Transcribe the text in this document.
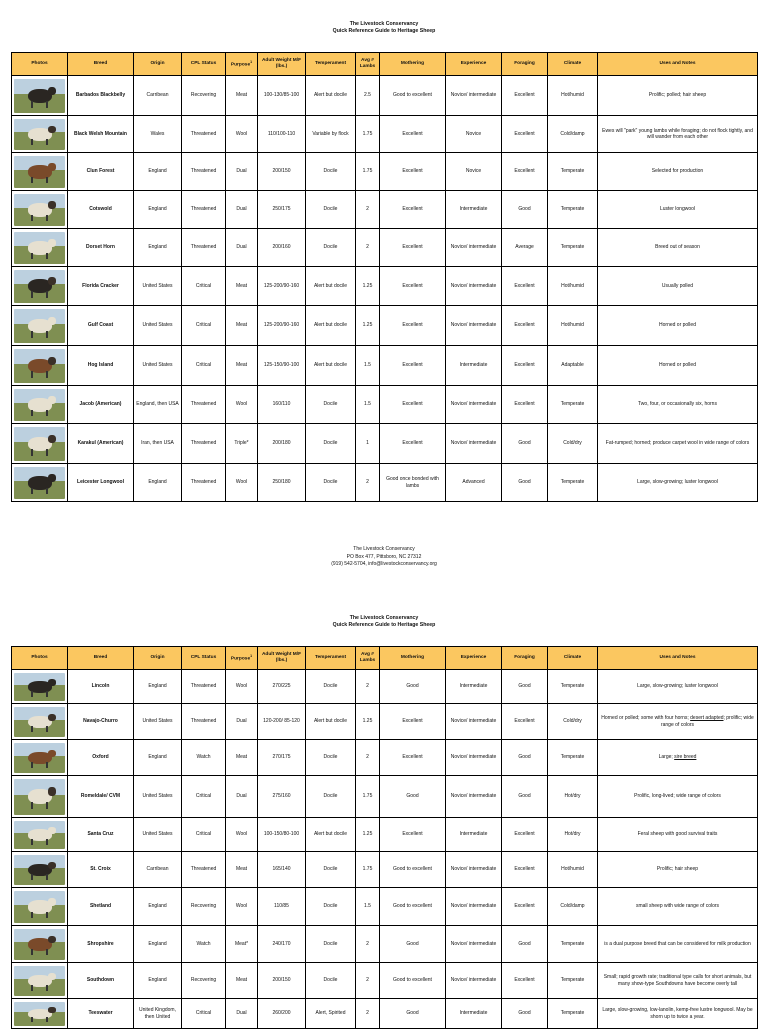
The Livestock Conservancy
Quick Reference Guide to Heritage Sheep
Photos	Breed	Origin	CPL Status	Purpose$^1$	Adult Weight M/F (lbs.)	Temperament	Avg # Lambs	Mothering	Experience	Foraging	Climate	Uses and Notes

	Barbados Blackbelly	Carribean	Recovering	Meat	100-130/85-100	Alert but docile	2.5	Good to excellent	Novice/ intermediate	Excellent	Hot/humid	Prolific; polled; hair sheep

	Black Welsh Mountain	Wales	Threatened	Wool	110/100-110	Variable by flock	1.75	Excellent	Novice	Excellent	Cold/damp	Ewes will "park" young lambs while foraging; do not flock tightly, and will wander from each other

	Clun Forest	England	Threatened	Dual	200/150	Docile	1.75	Excellent	Novice	Excellent	Temperate	Selected for production

	Cotswold	England	Threatened	Dual	250/175	Docile	2	Excellent	Intermediate	Good	Temperate	Luster longwool

	Dorset Horn	England	Threatened	Dual	200/160	Docile	2	Excellent	Novice/ intermediate	Average	Temperate	Breed out of season

	Florida Cracker	United States	Critical	Meat	125-200/90-160	Alert but docile	1.25	Excellent	Novice/ intermediate	Excellent	Hot/humid	Usually polled

	Gulf Coast	United States	Critical	Meat	125-200/90-160	Alert but docile	1.25	Excellent	Novice/ intermediate	Excellent	Hot/humid	Horned or polled

	Hog Island	United States	Critical	Meat	125-150/90-100	Alert but docile	1.5	Excellent	Intermediate	Excellent	Adaptable	Horned or polled

	Jacob (American)	England, then USA	Threatened	Wool	160/110	Docile	1.5	Excellent	Novice/ intermediate	Excellent	Temperate	Two, four, or occasionally six, horns

	Karakul (American)	Iran, then USA	Threatened	Triple*	200/180	Docile	1	Excellent	Novice/ intermediate	Good	Cold/dry	Fat-rumped; horned; produce carpet wool in wide range of colors

	Leicester Longwool	England	Threatened	Wool	250/180	Docile	2	Good once bonded with lambs	Advanced	Good	Temperate	Large, slow-growing; luster longwool
The Livestock Conservancy
PO Box 477, Pittsboro, NC 27312
(919) 542-5704, info@livestockconservancy.org
The Livestock Conservancy
Quick Reference Guide to Heritage Sheep
Photos	Breed	Origin	CPL Status	Purpose$^1$	Adult Weight M/F (lbs.)	Temperament	Avg # Lambs	Mothering	Experience	Foraging	Climate	Uses and Notes

	Lincoln	England	Threatened	Wool	270/225	Docile	2	Good	Intermediate	Good	Temperate	Large, slow-growing; luster longwool

	Navajo-Churro	United States	Threatened	Dual	120-200/ 85-120	Alert but docile	1.25	Excellent	Novice/ intermediate	Excellent	Cold/dry	Horned or polled; some with four horns; desert adapted; prolific; wide range of colors

	Oxford	England	Watch	Meat	270/175	Docile	2	Excellent	Novice/ intermediate	Good	Temperate	Large; sire breed

	Romeldale/ CVM	United States	Critical	Dual	275/160	Docile	1.75	Good	Novice/ intermediate	Good	Hot/dry	Prolific, long-lived; wide range of colors

	Santa Cruz	United States	Critical	Wool	100-150/80-100	Alert but docile	1.25	Excellent	Intermediate	Excellent	Hot/dry	Feral sheep with good survival traits

	St. Croix	Carribean	Threatened	Meat	165/140	Docile	1.75	Good to excellent	Novice/ intermediate	Excellent	Hot/humid	Prolific; hair sheep

	Shetland	England	Recovering	Wool	110/85	Docile	1.5	Good to excellent	Novice/ intermediate	Excellent	Cold/damp	small sheep with wide range of colors

	Shropshire	England	Watch	Meat*	240/170	Docile	2	Good	Novice/ intermediate	Good	Temperate	is a dual purpose breed that can be considered for milk production

	Southdown	England	Recovering	Meat	200/150	Docile	2	Good to excellent	Novice/ intermediate	Excellent	Temperate	Small; rapid growth rate; traditional type calls for short animals, but many show-type Southdowns have become overly tall

	Teeswater	United Kingdom, then United	Critical	Dual	260/200	Alert, Spirited	2	Good	Intermediate	Good	Temperate	Large, slow-growing, low-lanolin, kemp-free lustre longwool. May be shorn up to twice a year.
